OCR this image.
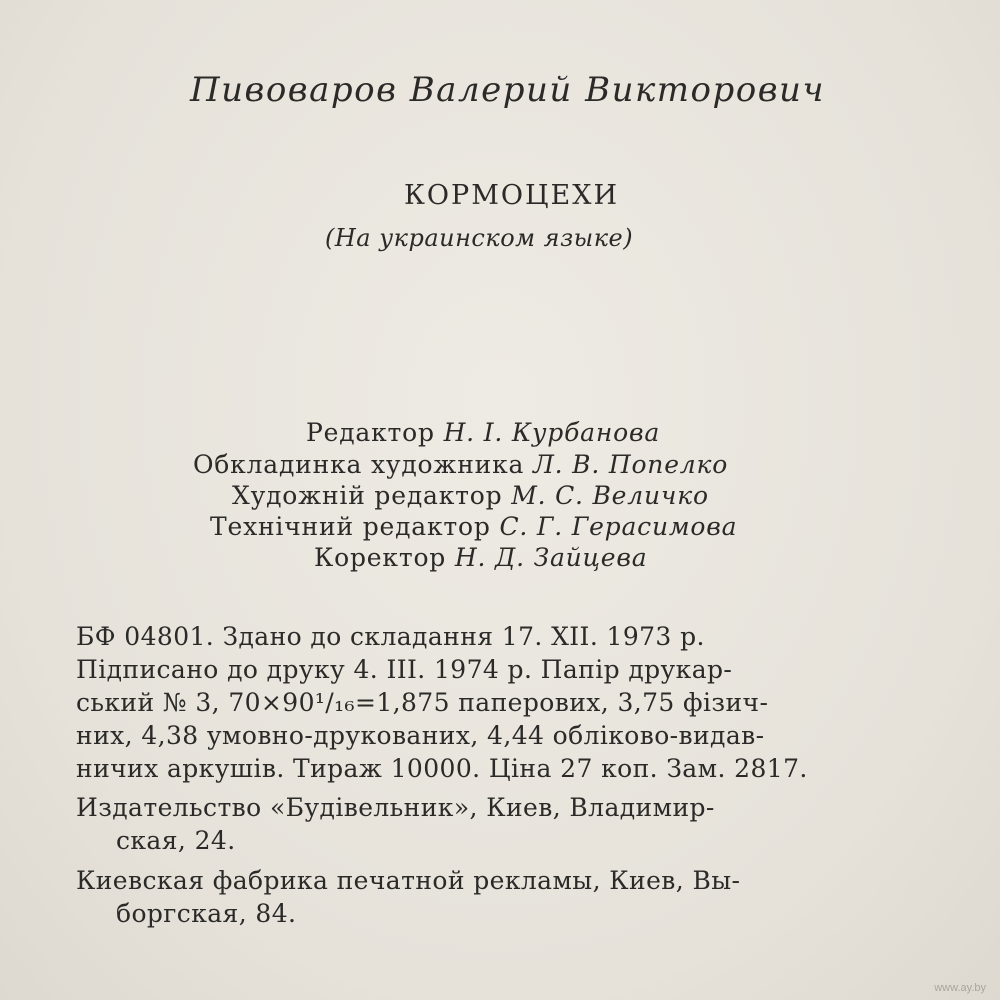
Пивоваров Валерий Викторович
КОРМОЦЕХИ
(На украинском языке)
Редактор Н. І. Курбанова
Обкладинка художника Л. В. Попелко
Художній редактор М. С. Величко
Технічний редактор С. Г. Герасимова
Коректор Н. Д. Зайцева
БФ 04801. Здано до складання 17. XII. 1973 р.
Підписано до друку 4. III. 1974 р. Папір друкар-
ський № 3, 70×90¹/₁₆=1,875 паперових, 3,75 фізич-
них, 4,38 умовно-друкованих, 4,44 обліково-видав-
ничих аркушів. Тираж 10000. Ціна 27 коп. Зам. 2817.
Издательство «Будівельник», Киев, Владимир-
ская, 24.
Киевская фабрика печатной рекламы, Киев, Вы-
боргская, 84.
www.ay.by
